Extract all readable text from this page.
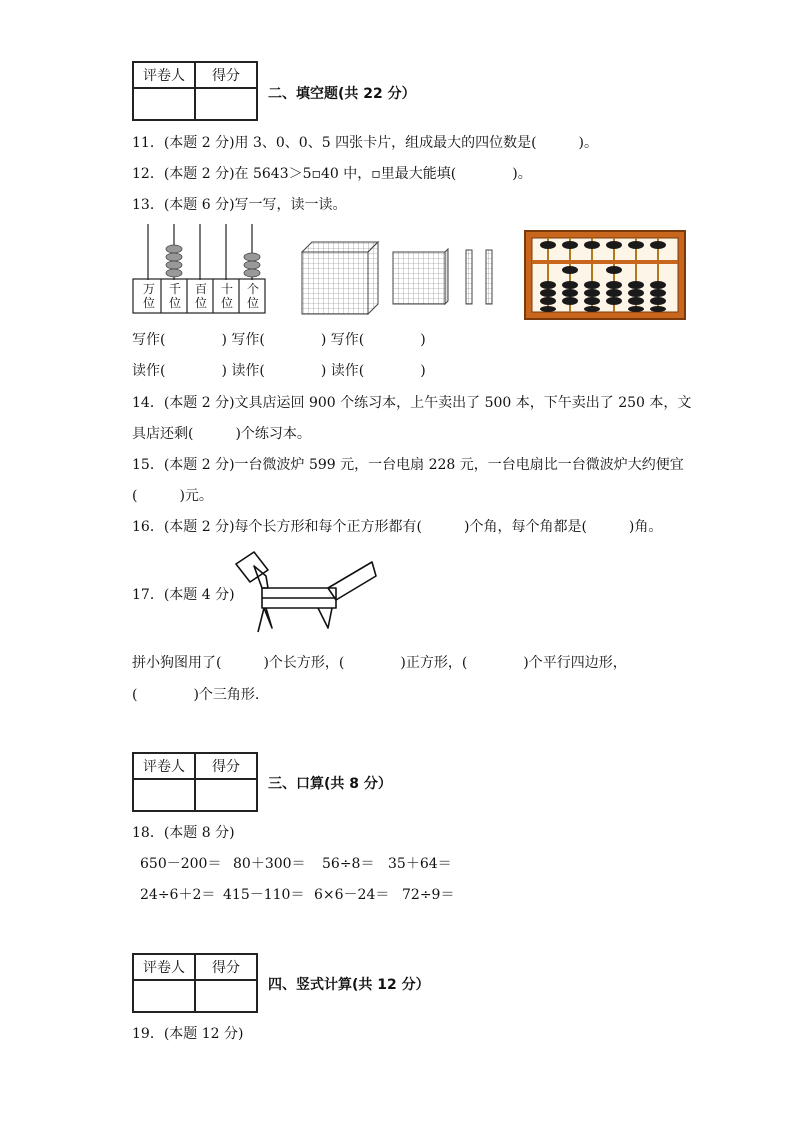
评卷人	得分

二、填空题(共 22 分）
11．(本题 2 分)用 3、0、0、5 四张卡片，组成最大的四位数是(　　　)。
12．(本题 2 分)在 5643＞5▫40 中，▫里最大能填(　　　　)。
13．(本题 6 分)写一写，读一读。
万位
千位
百位
十位
个位
写作(　　　　) 写作(　　　　) 写作(　　　　)
读作(　　　　) 读作(　　　　) 读作(　　　　)
14．(本题 2 分)文具店运回 900 个练习本，上午卖出了 500 本，下午卖出了 250 本，文
具店还剩(　　　)个练习本。
15．(本题 2 分)一台微波炉 599 元，一台电扇 228 元，一台电扇比一台微波炉大约便宜
(　　　)元。
16．(本题 2 分)每个长方形和每个正方形都有(　　　)个角，每个角都是(　　　)角。
17．(本题 4 分)
拼小狗图用了(　　　)个长方形，(　　　　)正方形，(　　　　)个平行四边形，
(　　　　)个三角形.
评卷人	得分

三、口算(共 8 分）
18．(本题 8 分)
650－200＝ 80＋300＝ 56÷8＝ 35＋64＝
24÷6＋2＝ 415－110＝ 6×6－24＝ 72÷9＝
评卷人	得分

四、竖式计算(共 12 分）
19．(本题 12 分)
